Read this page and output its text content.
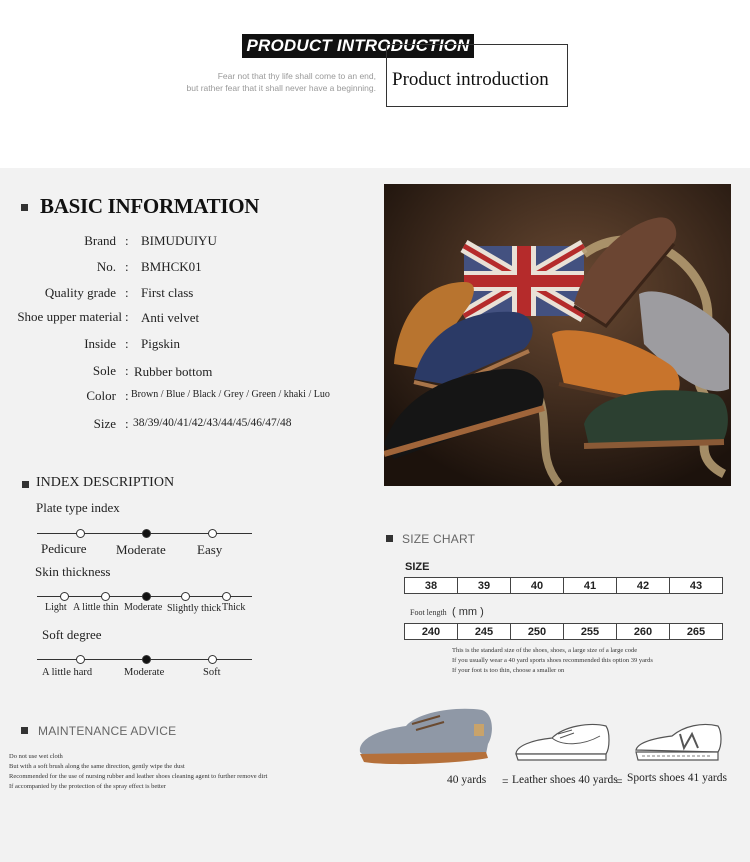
PRODUCT INTRODUCTION
Fear not that thy life shall come to an end,
but rather fear that it shall never have a beginning. Product introduction
BASIC INFORMATION
Brand : BIMUDUIYU
No. : BMHCK01
Quality grade : First class
Shoe upper material : Anti velvet
Inside : Pigskin
Sole : Rubber bottom
Color : Brown / Blue / Black / Grey / Green / khaki / Luo
Size : 38/39/40/41/42/43/44/45/46/47/48
INDEX DESCRIPTION
Plate type index
Pedicure Moderate Easy
Skin thickness
Light A little thin Moderate Slightly thick Thick
Soft degree
A little hard	Moderate	Soft
SIZE CHART
SIZE
38	39	40	41	42	43
Foot length ( mm )
240	245	250	255	260	265
This is the standard size of the shoes, shoes, a large size of a large code
If you usually wear a 40 yard sports shoes recommended this option 39 yards
If your foot is too thin, choose a smaller on
MAINTENANCE ADVICE
Do not use wet cloth
But with a soft brush along the same direction, gently wipe the dust
Recommended for the use of nursing rubber and leather shoes cleaning agent to further remove dirt
If accompanied by the protection of the spray effect is better
40 yards = Leather shoes 40 yards
= Sports shoes 41 yards
